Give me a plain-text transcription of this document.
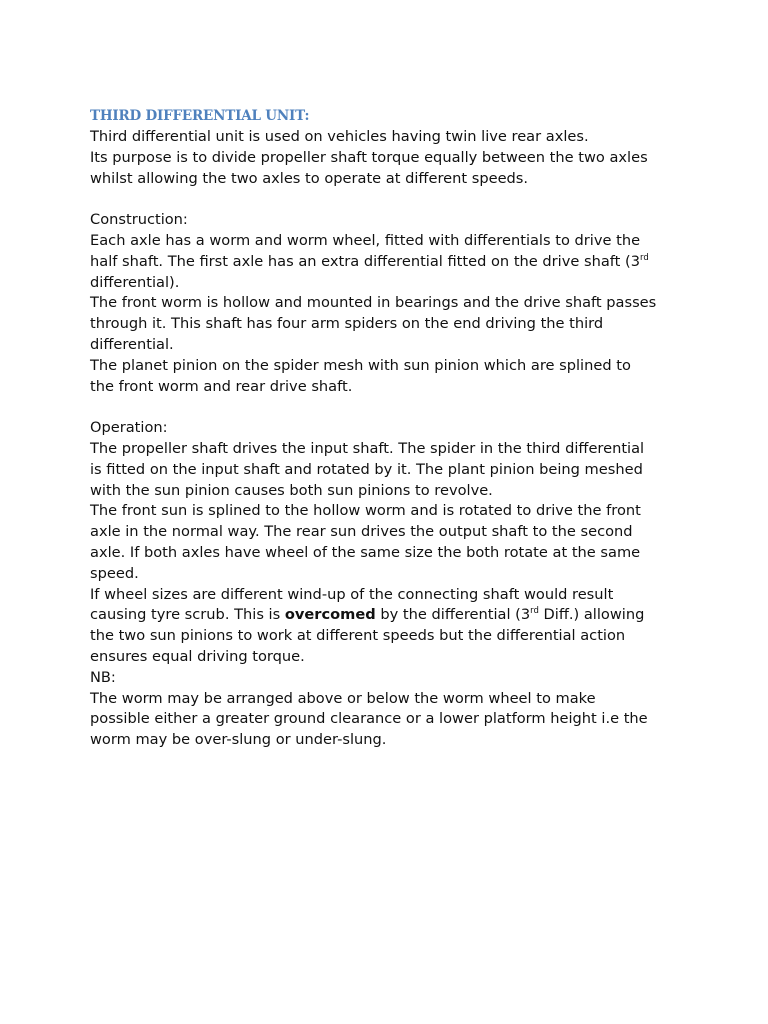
THIRD DIFFERENTIAL UNIT:
Third differential unit is used on vehicles having twin live rear axles.
Its purpose is to divide propeller shaft torque equally between the two axles
whilst allowing the two axles to operate at different speeds.
Construction:
Each axle has a worm and worm wheel, fitted with differentials to drive the
half shaft. The first axle has an extra differential fitted on the drive shaft (3rd
differential).
The front worm is hollow and mounted in bearings and the drive shaft passes
through it. This shaft has four arm spiders on the end driving the third
differential.
The planet pinion on the spider mesh with sun pinion which are splined to
the front worm and rear drive shaft.
Operation:
The propeller shaft drives the input shaft. The spider in the third differential
is fitted on the input shaft and rotated by it. The plant pinion being meshed
with the sun pinion causes both sun pinions to revolve.
The front sun is splined to the hollow worm and is rotated to drive the front
axle in the normal way. The rear sun drives the output shaft to the second
axle. If both axles have wheel of the same size the both rotate at the same
speed.
If wheel sizes are different wind-up of the connecting shaft would result
causing tyre scrub. This is overcomed by the differential (3rd Diff.) allowing
the two sun pinions to work at different speeds but the differential action
ensures equal driving torque.
NB:
The worm may be arranged above or below the worm wheel to make
possible either a greater ground clearance or a lower platform height i.e the
worm may be over-slung or under-slung.
